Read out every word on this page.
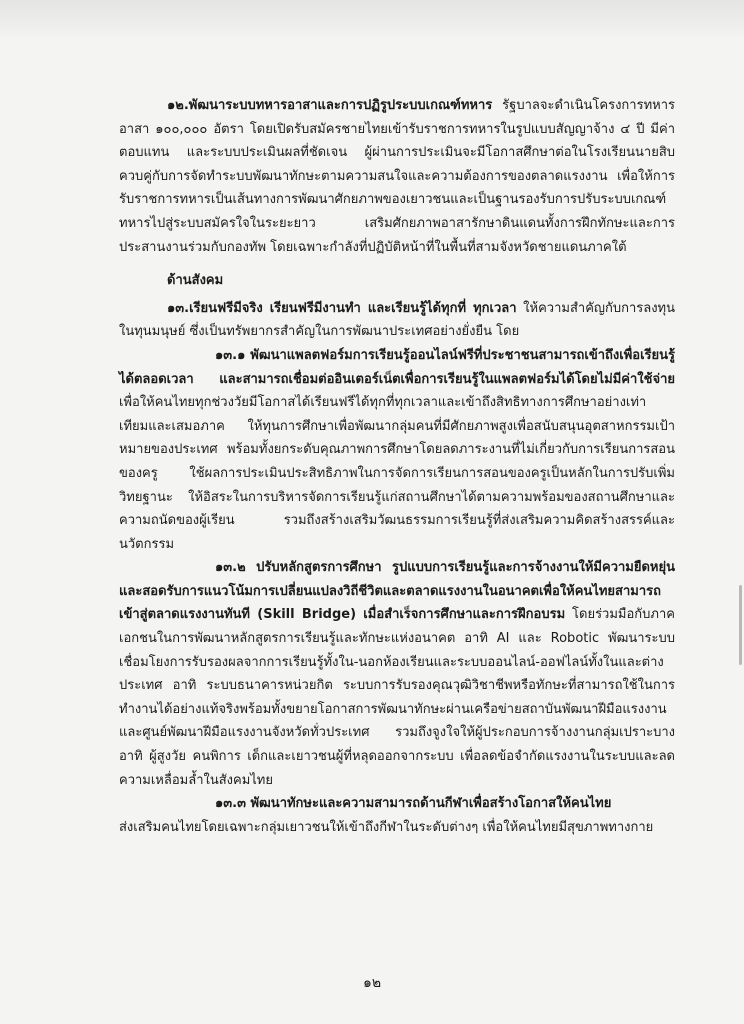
๑๒.พัฒนาระบบทหารอาสาและการปฏิรูประบบเกณฑ์ทหาร รัฐบาลจะดำเนินโครงการทหารอาสา ๑๐๐,๐๐๐ อัตรา โดยเปิดรับสมัครชายไทยเข้ารับราชการทหารในรูปแบบสัญญาจ้าง ๔ ปี มีค่าตอบแทน และระบบประเมินผลที่ชัดเจน ผู้ผ่านการประเมินจะมีโอกาสศึกษาต่อในโรงเรียนนายสิบ ควบคู่กับการจัดทำระบบพัฒนาทักษะตามความสนใจและความต้องการของตลาดแรงงาน เพื่อให้การรับราชการทหารเป็นเส้นทางการพัฒนาศักยภาพของเยาวชนและเป็นฐานรองรับการปรับระบบเกณฑ์ทหารไปสู่ระบบสมัครใจในระยะยาว เสริมศักยภาพอาสารักษาดินแดนทั้งการฝึกทักษะและการประสานงานร่วมกับกองทัพ โดยเฉพาะกำลังที่ปฏิบัติหน้าที่ในพื้นที่สามจังหวัดชายแดนภาคใต้

ด้านสังคม

๑๓.เรียนฟรีมีจริง เรียนฟรีมีงานทำ และเรียนรู้ได้ทุกที่ ทุกเวลา ให้ความสำคัญกับการลงทุนในทุนมนุษย์ ซึ่งเป็นทรัพยากรสำคัญในการพัฒนาประเทศอย่างยั่งยืน โดย

๑๓.๑ พัฒนาแพลตฟอร์มการเรียนรู้ออนไลน์ฟรีที่ประชาชนสามารถเข้าถึงเพื่อเรียนรู้ได้ตลอดเวลา และสามารถเชื่อมต่ออินเตอร์เน็ตเพื่อการเรียนรู้ในแพลตฟอร์มได้โดยไม่มีค่าใช้จ่าย เพื่อให้คนไทยทุกช่วงวัยมีโอกาสได้เรียนฟรีได้ทุกที่ทุกเวลาและเข้าถึงสิทธิทางการศึกษาอย่างเท่าเทียมและเสมอภาค ให้ทุนการศึกษาเพื่อพัฒนากลุ่มคนที่มีศักยภาพสูงเพื่อสนับสนุนอุตสาหกรรมเป้าหมายของประเทศ พร้อมทั้งยกระดับคุณภาพการศึกษาโดยลดภาระงานที่ไม่เกี่ยวกับการเรียนการสอนของครู ใช้ผลการประเมินประสิทธิภาพในการจัดการเรียนการสอนของครูเป็นหลักในการปรับเพิ่มวิทยฐานะ ให้อิสระในการบริหารจัดการเรียนรู้แก่สถานศึกษาได้ตามความพร้อมของสถานศึกษาและความถนัดของผู้เรียน รวมถึงสร้างเสริมวัฒนธรรมการเรียนรู้ที่ส่งเสริมความคิดสร้างสรรค์และนวัตกรรม

๑๓.๒ ปรับหลักสูตรการศึกษา รูปแบบการเรียนรู้และการจ้างงานให้มีความยืดหยุ่นและสอดรับการแนวโน้มการเปลี่ยนแปลงวิถีชีวิตและตลาดแรงงานในอนาคตเพื่อให้คนไทยสามารถเข้าสู่ตลาดแรงงานทันที (Skill Bridge) เมื่อสำเร็จการศึกษาและการฝึกอบรม โดยร่วมมือกับภาคเอกชนในการพัฒนาหลักสูตรการเรียนรู้และทักษะแห่งอนาคต อาทิ AI และ Robotic พัฒนาระบบเชื่อมโยงการรับรองผลจากการเรียนรู้ทั้งใน-นอกห้องเรียนและระบบออนไลน์-ออฟไลน์ทั้งในและต่างประเทศ อาทิ ระบบธนาคารหน่วยกิต ระบบการรับรองคุณวุฒิวิชาชีพหรือทักษะที่สามารถใช้ในการทำงานได้อย่างแท้จริงพร้อมทั้งขยายโอกาสการพัฒนาทักษะผ่านเครือข่ายสถาบันพัฒนาฝีมือแรงงานและศูนย์พัฒนาฝีมือแรงงานจังหวัดทั่วประเทศ รวมถึงจูงใจให้ผู้ประกอบการจ้างงานกลุ่มเปราะบาง อาทิ ผู้สูงวัย คนพิการ เด็กและเยาวชนผู้ที่หลุดออกจากระบบ เพื่อลดข้อจำกัดแรงงานในระบบและลดความเหลื่อมล้ำในสังคมไทย

๑๓.๓ พัฒนาทักษะและความสามารถด้านกีฬาเพื่อสร้างโอกาสให้คนไทย

ส่งเสริมคนไทยโดยเฉพาะกลุ่มเยาวชนให้เข้าถึงกีฬาในระดับต่างๆ เพื่อให้คนไทยมีสุขภาพทางกาย

๑๒
